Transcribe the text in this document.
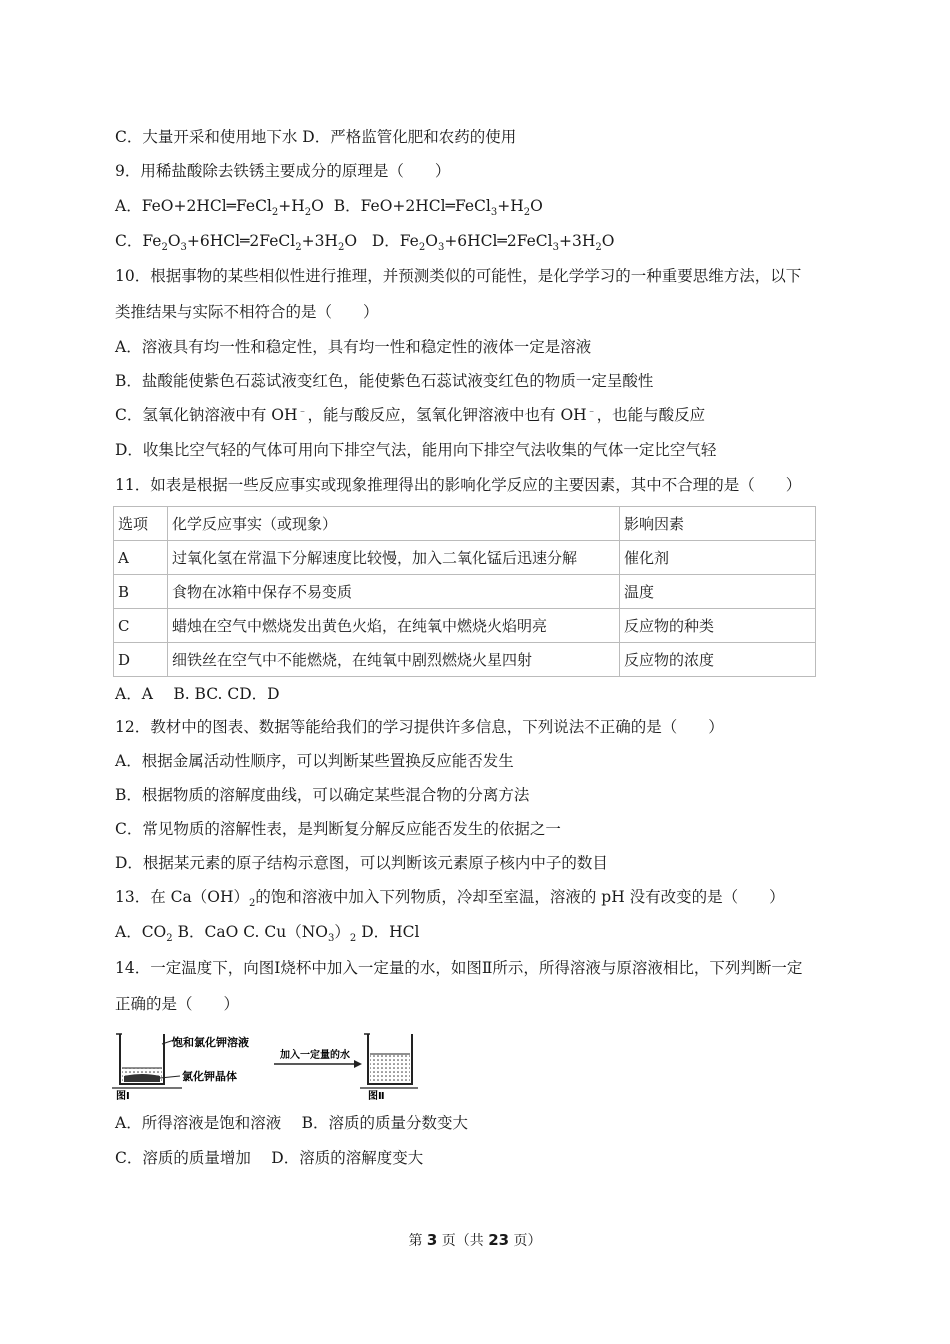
C．大量开采和使用地下水 D．严格监管化肥和农药的使用
9．用稀盐酸除去铁锈主要成分的原理是（　　）
A．$FeO+2HCl═FeCl_2+H_2O$ B．$FeO+2HCl═FeCl_3+H_2O$
C．$Fe_2O_3+6HCl═2FeCl_2+3H_2O$ D．$Fe_2O_3+6HCl═2FeCl_3+3H_2O$
10．根据事物的某些相似性进行推理，并预测类似的可能性，是化学学习的一种重要思维方法，以下
类推结果与实际不相符合的是（　　）
A．溶液具有均一性和稳定性，具有均一性和稳定性的液体一定是溶液
B．盐酸能使紫色石蕊试液变红色，能使紫色石蕊试液变红色的物质一定呈酸性
C．氢氧化钠溶液中有 OH﹣，能与酸反应，氢氧化钾溶液中也有 OH﹣，也能与酸反应
D．收集比空气轻的气体可用向下排空气法，能用向下排空气法收集的气体一定比空气轻
11．如表是根据一些反应事实或现象推理得出的影响化学反应的主要因素，其中不合理的是（　　）
选项	化学反应事实（或现象）	影响因素
A	过氧化氢在常温下分解速度比较慢，加入二氧化锰后迅速分解	催化剂
B	食物在冰箱中保存不易变质	温度
C	蜡烛在空气中燃烧发出黄色火焰，在纯氧中燃烧火焰明亮	反应物的种类
D	细铁丝在空气中不能燃烧，在纯氧中剧烈燃烧火星四射	反应物的浓度
A．A　 B. BC. CD．D
12．教材中的图表、数据等能给我们的学习提供许多信息，下列说法不正确的是（　　）
A．根据金属活动性顺序，可以判断某些置换反应能否发生
B．根据物质的溶解度曲线，可以确定某些混合物的分离方法
C．常见物质的溶解性表，是判断复分解反应能否发生的依据之一
D．根据某元素的原子结构示意图，可以判断该元素原子核内中子的数目
13．在 $Ca(OH)_2$的饱和溶液中加入下列物质，冷却至室温，溶液的 pH 没有改变的是（　　）
A．$CO_2$ B．CaO C. $Cu(NO_3)_2$ D．HCl
14．一定温度下，向图Ⅰ烧杯中加入一定量的水，如图Ⅱ所示，所得溶液与原溶液相比，下列判断一定
正确的是（　　）
饱和氯化钾溶液
氯化钾晶体
加入一定量的水
图Ⅰ	图Ⅱ
A．所得溶液是饱和溶液　 B．溶质的质量分数变大
C．溶质的质量增加　 D．溶质的溶解度变大
第 3 页（共 23 页）
